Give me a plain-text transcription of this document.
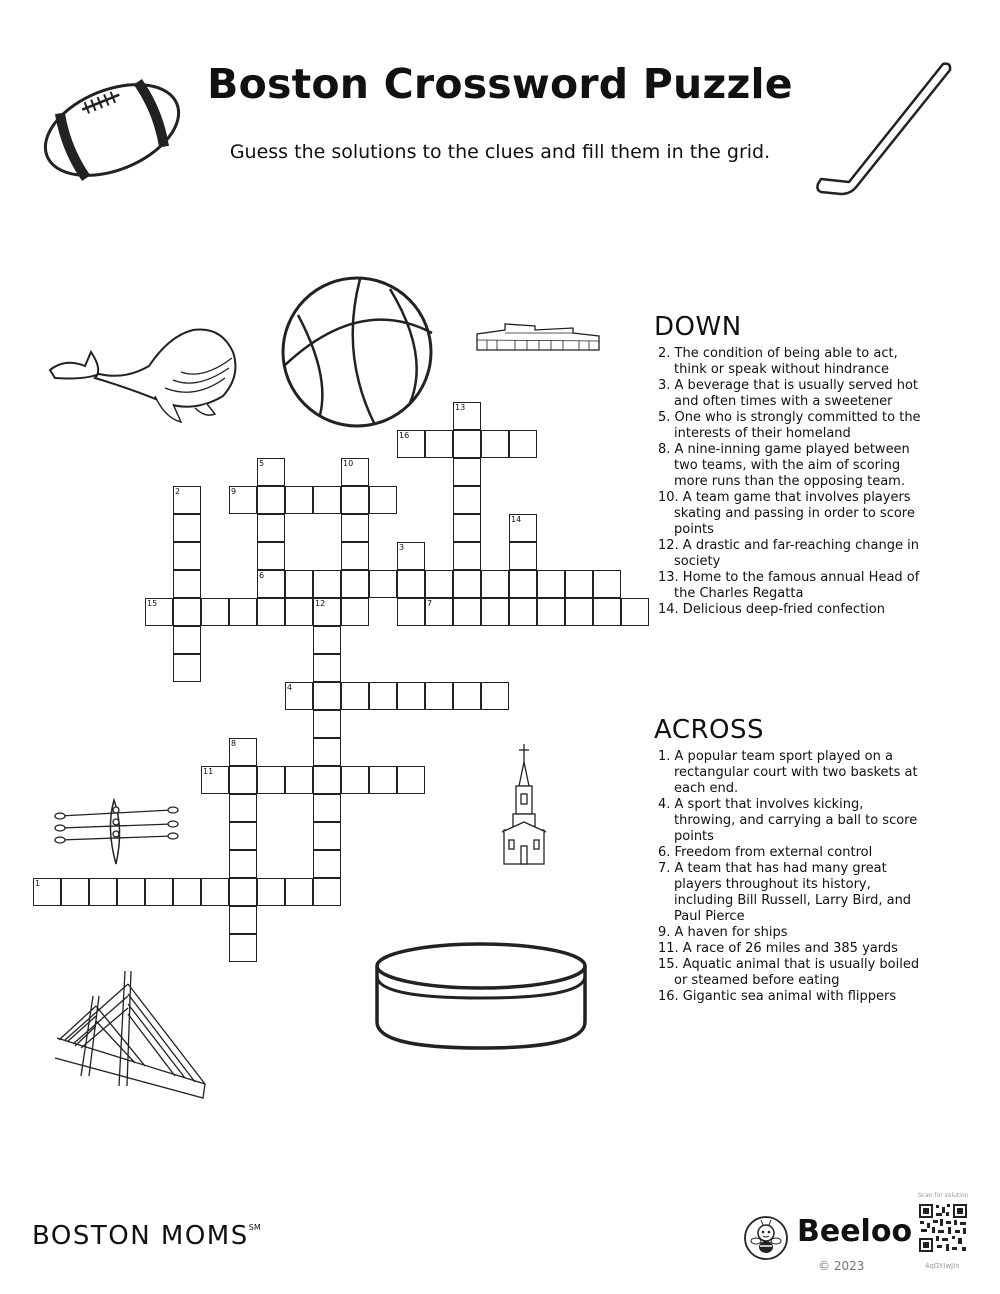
Boston Crossword Puzzle

Guess the solutions to the clues and fill them in the grid.

1
2
3
4
5
6
7
8
9
10
11
12
13
14
15
16
DOWN
2. The condition of being able to act, think or speak without hindrance
3. A beverage that is usually served hot and often times with a sweetener
5. One who is strongly committed to the interests of their homeland
8. A nine-inning game played between two teams, with the aim of scoring more runs than the opposing team.
10. A team game that involves players skating and passing in order to score points
12. A drastic and far-reaching change in society
13. Home to the famous annual Head of the Charles Regatta
14. Delicious deep-fried confection
ACROSS
1. A popular team sport played on a rectangular court with two baskets at each end.
4. A sport that involves kicking, throwing, and carrying a ball to score points
6. Freedom from external control
7. A team that has had many great players throughout its history, including Bill Russell, Larry Bird, and Paul Pierce
9. A haven for ships
11. A race of 26 miles and 385 yards
15. Aquatic animal that is usually boiled or steamed before eating
16. Gigantic sea animal with flippers

BOSTON MOMS℠	Beeloo
© 2023
Scan for solution
4qGYIwJIn
